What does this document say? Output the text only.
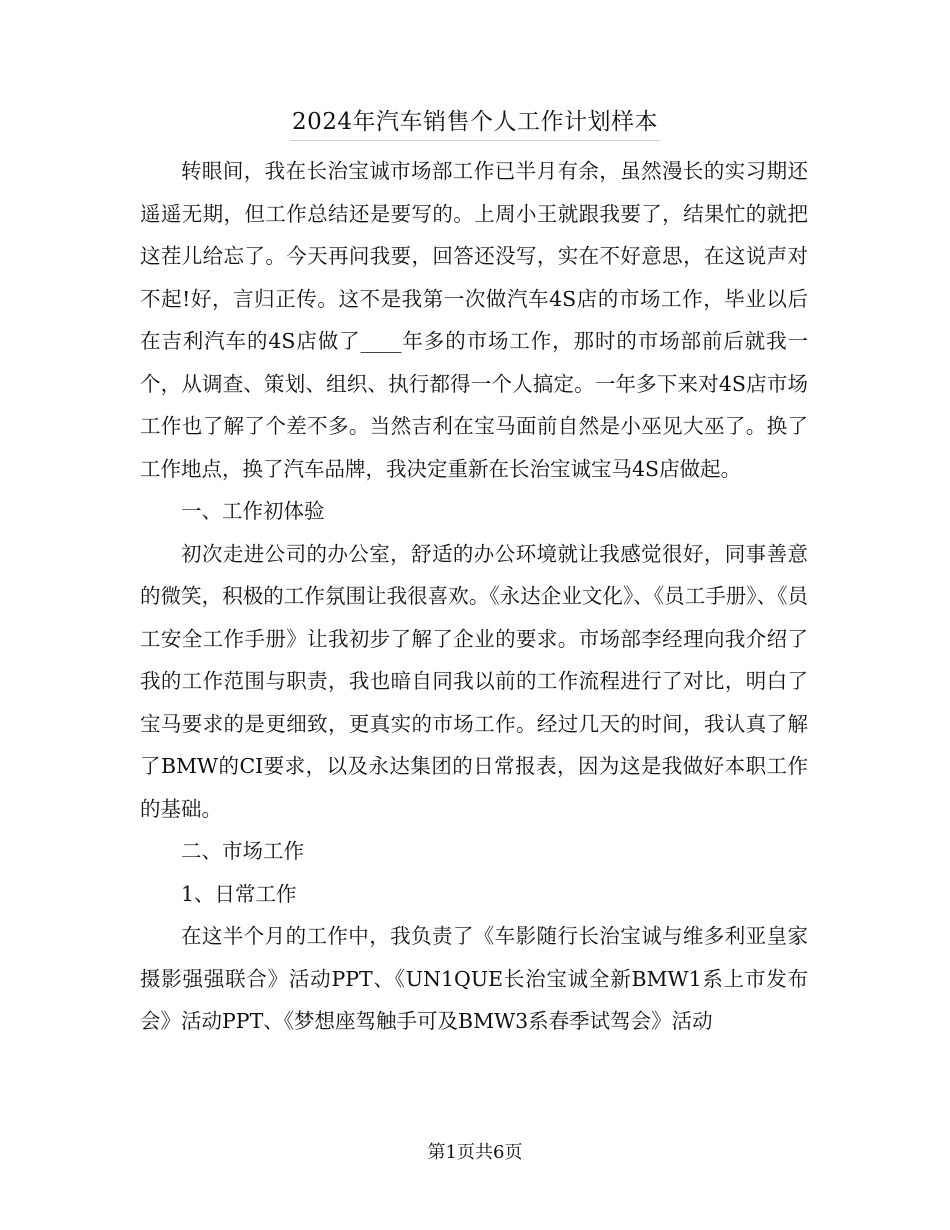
2024年汽车销售个人工作计划样本

转眼间，我在长治宝诚市场部工作已半月有余，虽然漫长的实习期还遥遥无期，但工作总结还是要写的。上周小王就跟我要了，结果忙的就把这茬儿给忘了。今天再问我要，回答还没写，实在不好意思，在这说声对不起!好，言归正传。这不是我第一次做汽车4S店的市场工作，毕业以后在吉利汽车的4S店做了____年多的市场工作，那时的市场部前后就我一个，从调查、策划、组织、执行都得一个人搞定。一年多下来对4S店市场工作也了解了个差不多。当然吉利在宝马面前自然是小巫见大巫了。换了工作地点，换了汽车品牌，我决定重新在长治宝诚宝马4S店做起。

一、工作初体验

初次走进公司的办公室，舒适的办公环境就让我感觉很好，同事善意的微笑，积极的工作氛围让我很喜欢。《永达企业文化》、《员工手册》、《员工安全工作手册》让我初步了解了企业的要求。市场部李经理向我介绍了我的工作范围与职责，我也暗自同我以前的工作流程进行了对比，明白了宝马要求的是更细致，更真实的市场工作。经过几天的时间，我认真了解了BMW的CI要求，以及永达集团的日常报表，因为这是我做好本职工作的基础。

二、市场工作

1、日常工作

在这半个月的工作中，我负责了《车影随行长治宝诚与维多利亚皇家摄影强强联合》活动PPT、《UN1QUE长治宝诚全新BMW1系上市发布会》活动PPT、《梦想座驾触手可及BMW3系春季试驾会》活动

第1页共6页
